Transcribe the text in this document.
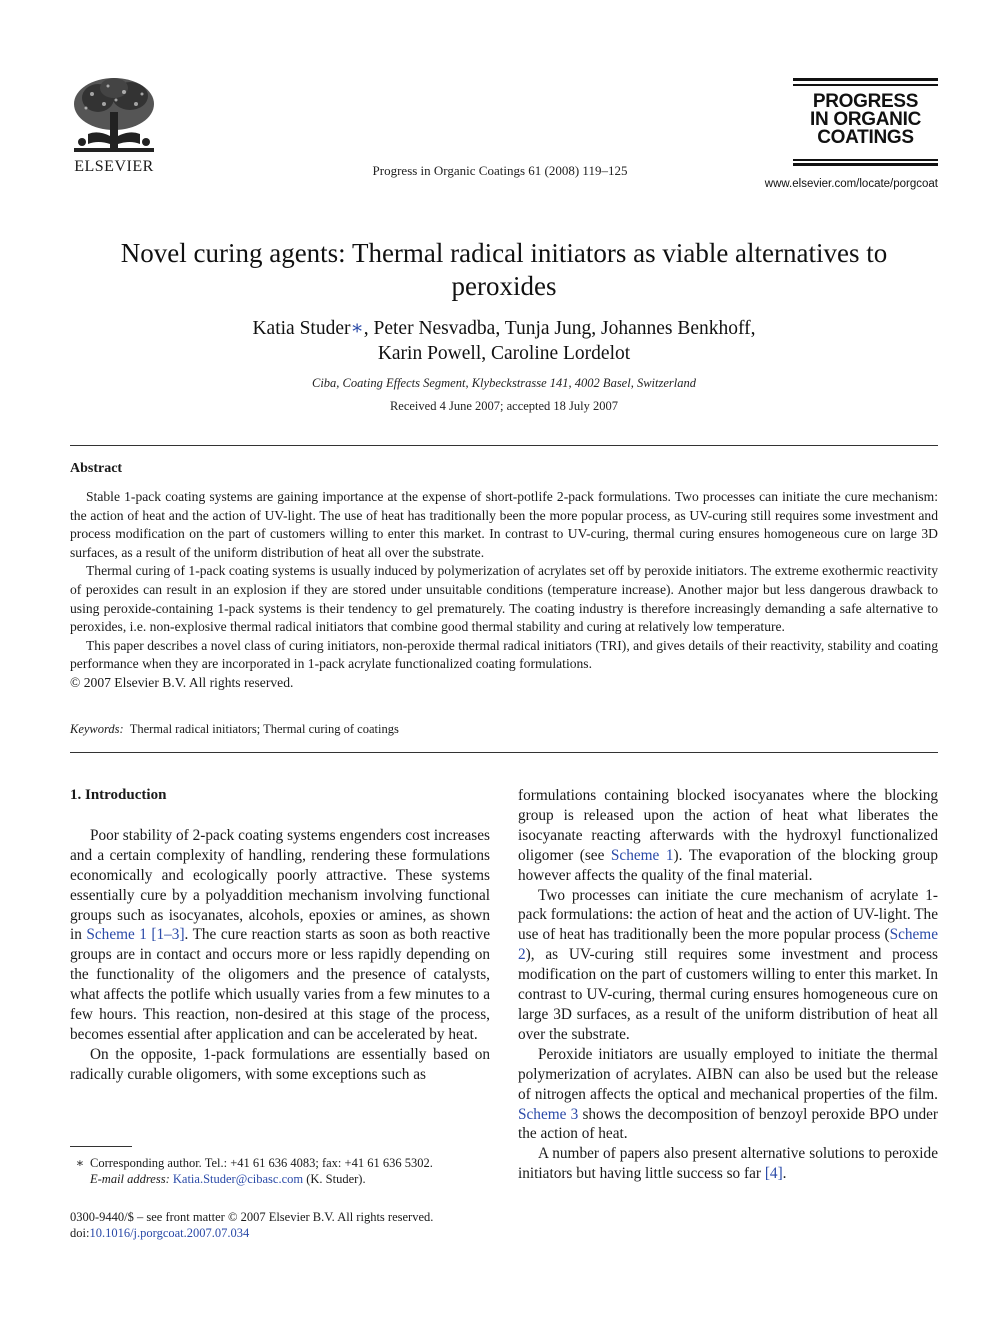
ELSEVIER	Progress in Organic Coatings 61 (2008) 119–125
PROGRESS
IN ORGANIC
COATINGS
www.elsevier.com/locate/porgcoat
Novel curing agents: Thermal radical initiators as viable alternatives to peroxides
Katia Studer∗, Peter Nesvadba, Tunja Jung, Johannes Benkhoff,
Karin Powell, Caroline Lordelot
Ciba, Coating Effects Segment, Klybeckstrasse 141, 4002 Basel, Switzerland
Received 4 June 2007; accepted 18 July 2007
Abstract

Stable 1-pack coating systems are gaining importance at the expense of short-potlife 2-pack formulations. Two processes can initiate the cure mechanism: the action of heat and the action of UV-light. The use of heat has traditionally been the more popular process, as UV-curing still requires some investment and process modification on the part of customers willing to enter this market. In contrast to UV-curing, thermal curing ensures homogeneous cure on large 3D surfaces, as a result of the uniform distribution of heat all over the substrate.

Thermal curing of 1-pack coating systems is usually induced by polymerization of acrylates set off by peroxide initiators. The extreme exothermic reactivity of peroxides can result in an explosion if they are stored under unsuitable conditions (temperature increase). Another major but less dangerous drawback to using peroxide-containing 1-pack systems is their tendency to gel prematurely. The coating industry is therefore increasingly demanding a safe alternative to peroxides, i.e. non-explosive thermal radical initiators that combine good thermal stability and curing at relatively low temperature.

This paper describes a novel class of curing initiators, non-peroxide thermal radical initiators (TRI), and gives details of their reactivity, stability and coating performance when they are incorporated in 1-pack acrylate functionalized coating formulations.

© 2007 Elsevier B.V. All rights reserved.

Keywords: Thermal radical initiators; Thermal curing of coatings

1. Introduction

Poor stability of 2-pack coating systems engenders cost increases and a certain complexity of handling, rendering these formulations economically and ecologically poorly attractive. These systems essentially cure by a polyaddition mechanism involving functional groups such as isocyanates, alcohols, epoxies or amines, as shown in Scheme 1 [1–3]. The cure reaction starts as soon as both reactive groups are in contact and occurs more or less rapidly depending on the functionality of the oligomers and the presence of catalysts, what affects the potlife which usually varies from a few minutes to a few hours. This reaction, non-desired at this stage of the process, becomes essential after application and can be accelerated by heat.

On the opposite, 1-pack formulations are essentially based on radically curable oligomers, with some exceptions such as

formulations containing blocked isocyanates where the blocking group is released upon the action of heat what liberates the isocyanate reacting afterwards with the hydroxyl functionalized oligomer (see Scheme 1). The evaporation of the blocking group however affects the quality of the final material.

Two processes can initiate the cure mechanism of acrylate 1-pack formulations: the action of heat and the action of UV-light. The use of heat has traditionally been the more popular process (Scheme 2), as UV-curing still requires some investment and process modification on the part of customers willing to enter this market. In contrast to UV-curing, thermal curing ensures homogeneous cure on large 3D surfaces, as a result of the uniform distribution of heat all over the substrate.

Peroxide initiators are usually employed to initiate the thermal polymerization of acrylates. AIBN can also be used but the release of nitrogen affects the optical and mechanical properties of the film. Scheme 3 shows the decomposition of benzoyl peroxide BPO under the action of heat.

A number of papers also present alternative solutions to peroxide initiators but having little success so far [4].

∗ Corresponding author. Tel.: +41 61 636 4083; fax: +41 61 636 5302.
E-mail address: Katia.Studer@cibasc.com (K. Studer).
0300-9440/$ – see front matter © 2007 Elsevier B.V. All rights reserved.
doi:10.1016/j.porgcoat.2007.07.034
